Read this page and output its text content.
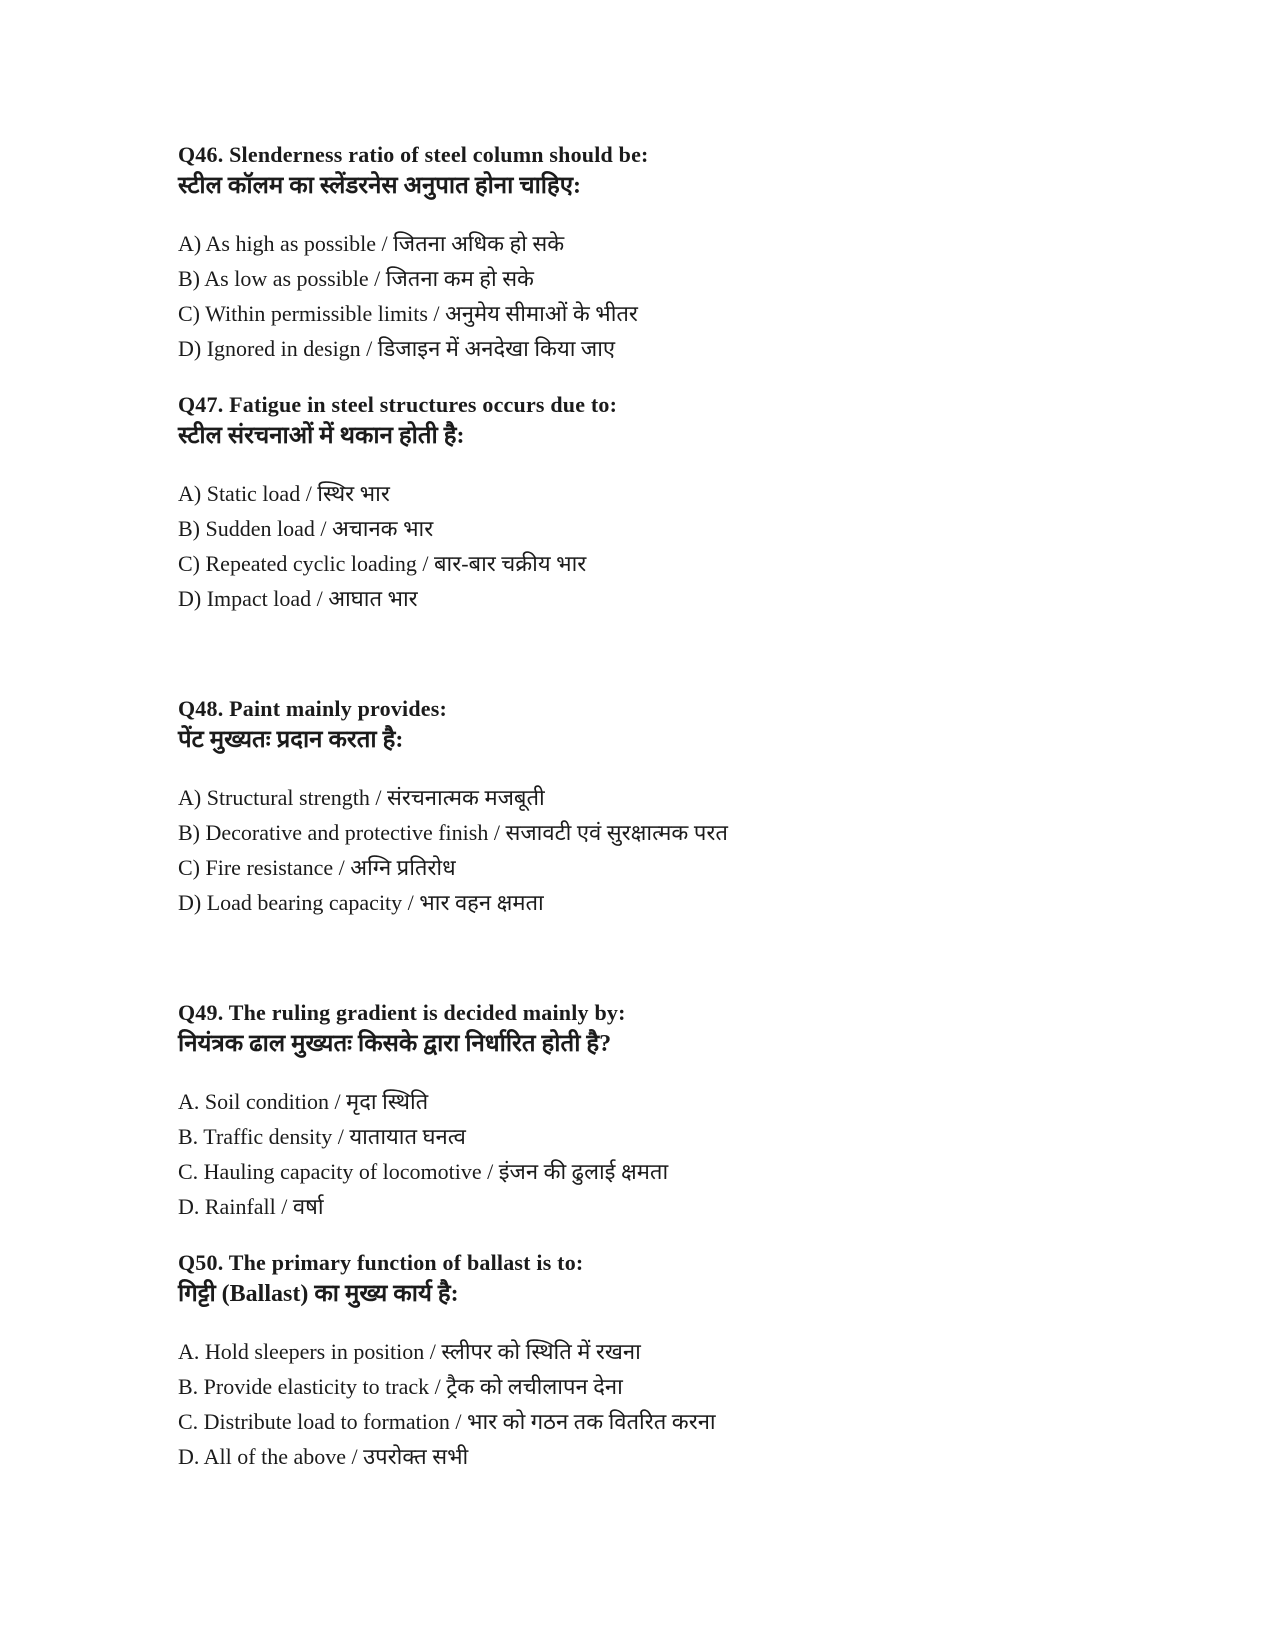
Q46. Slenderness ratio of steel column should be:
स्टील कॉलम का स्लेंडरनेस अनुपात होना चाहिए:

A) As high as possible / जितना अधिक हो सके

B) As low as possible / जितना कम हो सके

C) Within permissible limits / अनुमेय सीमाओं के भीतर

D) Ignored in design / डिजाइन में अनदेखा किया जाए

Q47. Fatigue in steel structures occurs due to:
स्टील संरचनाओं में थकान होती है:

A) Static load / स्थिर भार

B) Sudden load / अचानक भार

C) Repeated cyclic loading / बार-बार चक्रीय भार

D) Impact load / आघात भार

Q48. Paint mainly provides:
पेंट मुख्यतः प्रदान करता है:

A) Structural strength / संरचनात्मक मजबूती

B) Decorative and protective finish / सजावटी एवं सुरक्षात्मक परत

C) Fire resistance / अग्नि प्रतिरोध

D) Load bearing capacity / भार वहन क्षमता

Q49. The ruling gradient is decided mainly by:
नियंत्रक ढाल मुख्यतः किसके द्वारा निर्धारित होती है?

A. Soil condition / मृदा स्थिति

B. Traffic density / यातायात घनत्व

C. Hauling capacity of locomotive / इंजन की ढुलाई क्षमता

D. Rainfall / वर्षा

Q50. The primary function of ballast is to:
गिट्टी (Ballast) का मुख्य कार्य है:

A. Hold sleepers in position / स्लीपर को स्थिति में रखना

B. Provide elasticity to track / ट्रैक को लचीलापन देना

C. Distribute load to formation / भार को गठन तक वितरित करना

D. All of the above / उपरोक्त सभी
